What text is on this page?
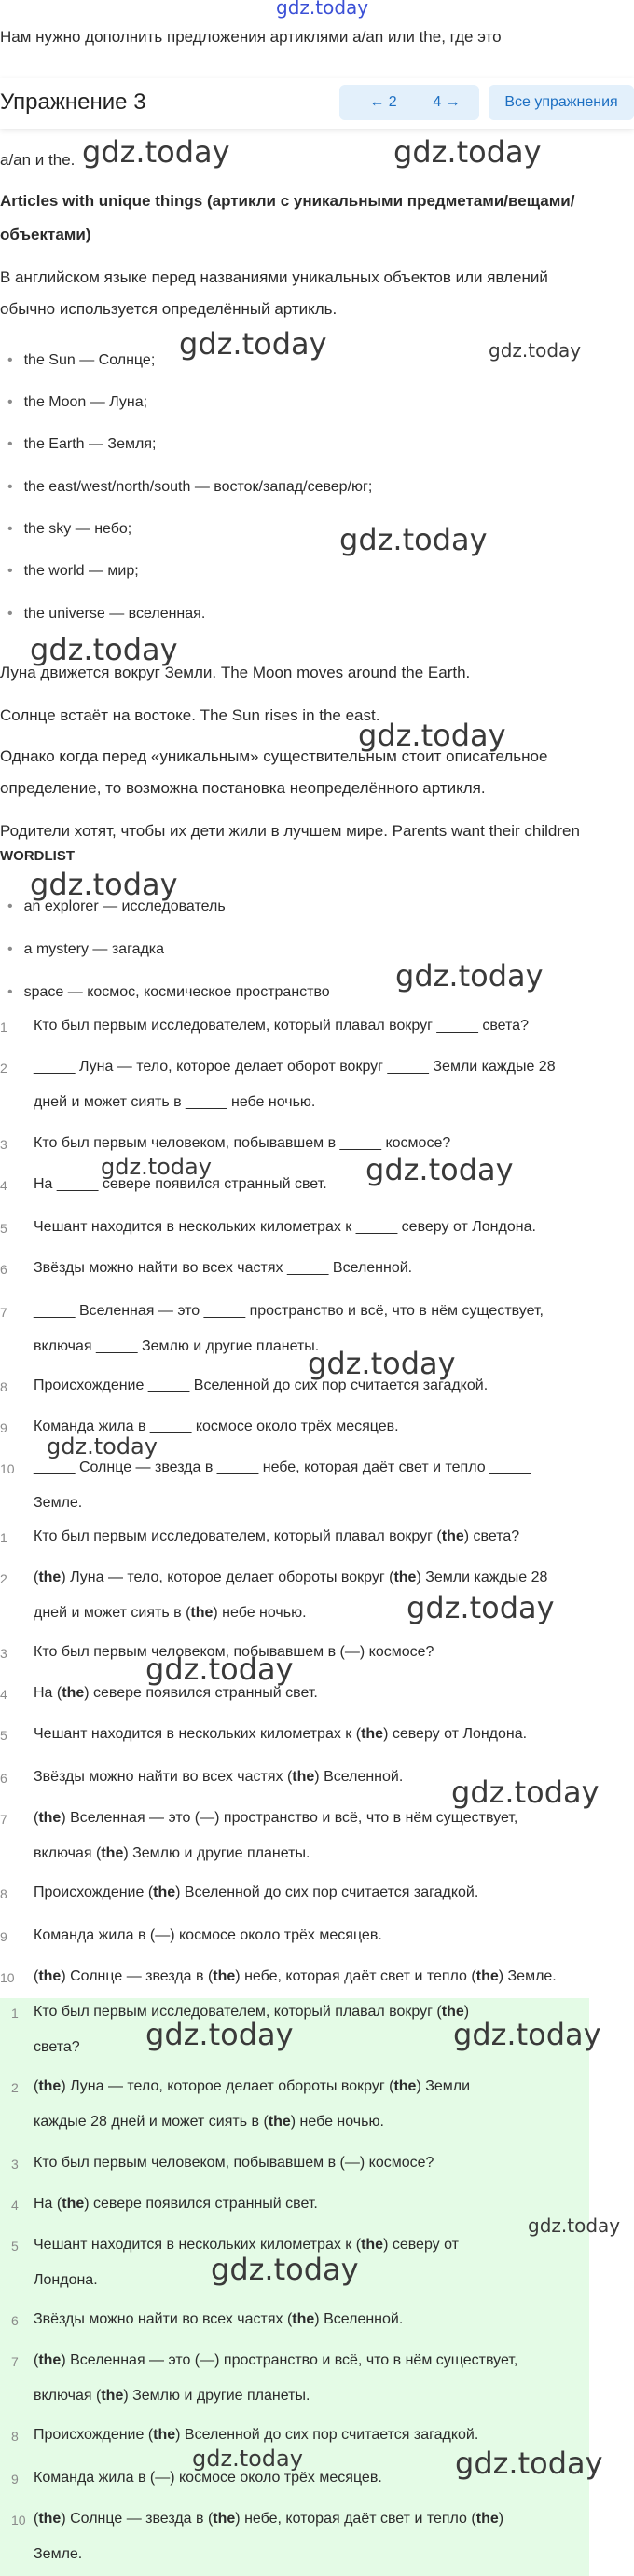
gdz.today
Нам нужно дополнить предложения артиклями a/an или the, где это
Упражнение 3	← 2	4 →	Все упражнения
a/an и the.
Articles with unique things (артикли с уникальными предметами/вещами/
объектами)
В английском языке перед названиями уникальных объектов или явлений
обычно используется определённый артикль.
• the Sun — Солнце;
• the Moon — Луна;
• the Earth — Земля;
• the east/west/north/south — восток/запад/север/юг;
• the sky — небо;
• the world — мир;
• the universe — вселенная.
Луна движется вокруг Земли. The Moon moves around the Earth.
Солнце встаёт на востоке. The Sun rises in the east.
Однако когда перед «уникальным» существительным стоит описательное
определение, то возможна постановка неопределённого артикля.
Родители хотят, чтобы их дети жили в лучшем мире. Parents want their children
WORDLIST
• an explorer — исследователь
• a mystery — загадка
• space — космос, космическое пространство
1 Кто был первым исследователем, который плавал вокруг _____ света?
2 _____ Луна — тело, которое делает оборот вокруг _____ Земли каждые 28
дней и может сиять в _____ небе ночью.
3 Кто был первым человеком, побывавшем в _____ космосе?
4 На _____ севере появился странный свет.
5 Чешант находится в нескольких километрах к _____ северу от Лондона.
6 Звёзды можно найти во всех частях _____ Вселенной.
7 _____ Вселенная — это _____ пространство и всё, что в нём существует,
включая _____ Землю и другие планеты.
8 Происхождение _____ Вселенной до сих пор считается загадкой.
9 Команда жила в _____ космосе около трёх месяцев.
10 _____ Солнце — звезда в _____ небе, которая даёт свет и тепло _____
Земле.
1 Кто был первым исследователем, который плавал вокруг (the) света?
2 (the) Луна — тело, которое делает обороты вокруг (the) Земли каждые 28
дней и может сиять в (the) небе ночью.
3 Кто был первым человеком, побывавшем в (—) космосе?
4 На (the) севере появился странный свет.
5 Чешант находится в нескольких километрах к (the) северу от Лондона.
6 Звёзды можно найти во всех частях (the) Вселенной.
7 (the) Вселенная — это (—) пространство и всё, что в нём существует,
включая (the) Землю и другие планеты.
8 Происхождение (the) Вселенной до сих пор считается загадкой.
9 Команда жила в (—) космосе около трёх месяцев.
10 (the) Солнце — звезда в (the) небе, которая даёт свет и тепло (the) Земле.
1 Кто был первым исследователем, который плавал вокруг (the)
света?
2 (the) Луна — тело, которое делает обороты вокруг (the) Земли
каждые 28 дней и может сиять в (the) небе ночью.
3 Кто был первым человеком, побывавшем в (—) космосе?
4 На (the) севере появился странный свет.
5 Чешант находится в нескольких километрах к (the) северу от
Лондона.
6 Звёзды можно найти во всех частях (the) Вселенной.
7 (the) Вселенная — это (—) пространство и всё, что в нём существует,
включая (the) Землю и другие планеты.
8 Происхождение (the) Вселенной до сих пор считается загадкой.
9 Команда жила в (—) космосе около трёх месяцев.
10 (the) Солнце — звезда в (the) небе, которая даёт свет и тепло (the)
Земле.
gdz.today	gdz.today
gdz.today	gdz.today
gdz.today
gdz.today
gdz.today
gdz.today
gdz.today
gdz.today	gdz.today
gdz.today
gdz.today
gdz.today
gdz.today
gdz.today
gdz.today	gdz.today
gdz.today
gdz.today
gdz.today	gdz.today
